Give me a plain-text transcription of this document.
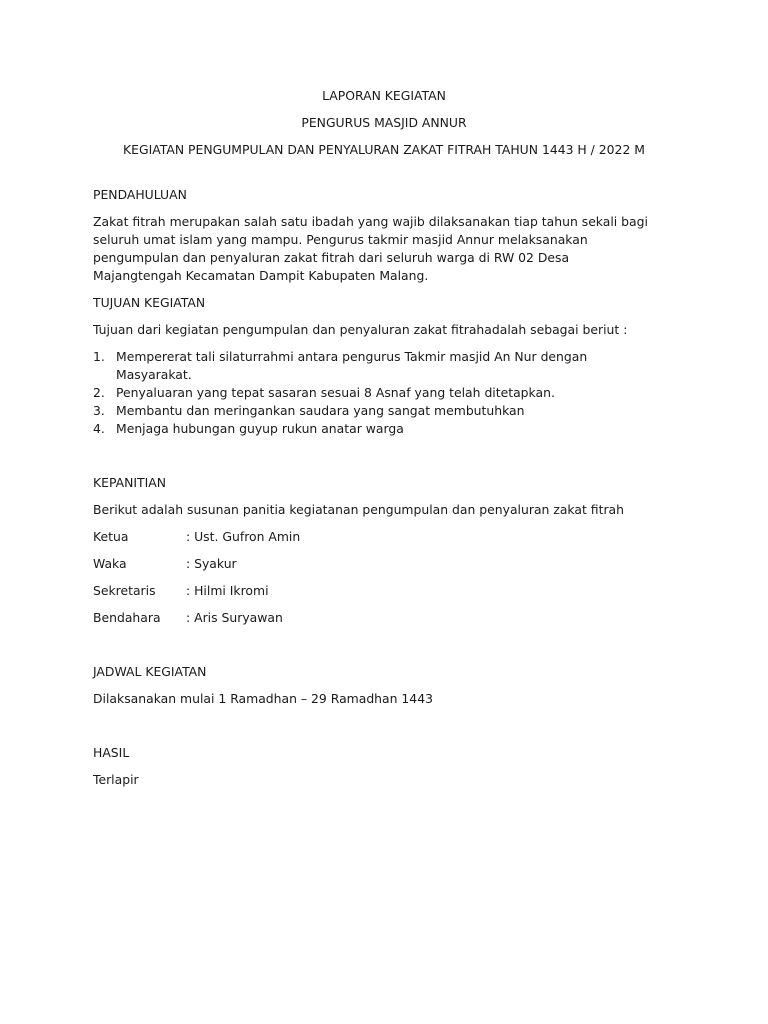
LAPORAN KEGIATAN

PENGURUS MASJID ANNUR

KEGIATAN PENGUMPULAN DAN PENYALURAN ZAKAT FITRAH TAHUN 1443 H / 2022 M

PENDAHULUAN

Zakat fitrah merupakan salah satu ibadah yang wajib dilaksanakan tiap tahun sekali bagi seluruh umat islam yang mampu. Pengurus takmir masjid Annur melaksanakan pengumpulan dan penyaluran zakat fitrah dari seluruh warga di RW 02 Desa Majangtengah Kecamatan Dampit Kabupaten Malang.

TUJUAN KEGIATAN

Tujuan dari kegiatan pengumpulan dan penyaluran zakat fitrahadalah sebagai beriut :

1. Mempererat tali silaturrahmi antara pengurus Takmir masjid An Nur dengan Masyarakat.
2. Penyaluaran yang tepat sasaran sesuai 8 Asnaf yang telah ditetapkan.
3. Membantu dan meringankan saudara yang sangat membutuhkan
4. Menjaga hubungan guyup rukun anatar warga

KEPANITIAN

Berikut adalah susunan panitia kegiatanan pengumpulan dan penyaluran zakat fitrah

Ketua	: Ust. Gufron Amin
Waka	: Syakur
Sekretaris	: Hilmi Ikromi
Bendahara	: Aris Suryawan

JADWAL KEGIATAN

Dilaksanakan mulai 1 Ramadhan – 29 Ramadhan 1443

HASIL

Terlapir
